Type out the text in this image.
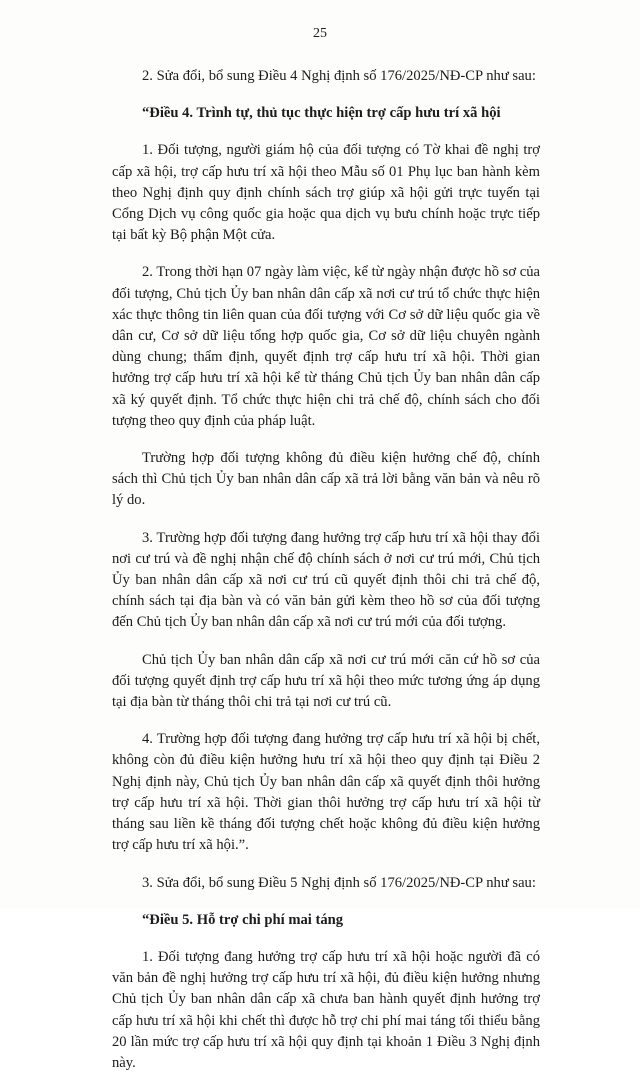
25

2. Sửa đổi, bổ sung Điều 4 Nghị định số 176/2025/NĐ-CP như sau:

“Điều 4. Trình tự, thủ tục thực hiện trợ cấp hưu trí xã hội

1. Đối tượng, người giám hộ của đối tượng có Tờ khai đề nghị trợ cấp xã hội, trợ cấp hưu trí xã hội theo Mẫu số 01 Phụ lục ban hành kèm theo Nghị định quy định chính sách trợ giúp xã hội gửi trực tuyến tại Cổng Dịch vụ công quốc gia hoặc qua dịch vụ bưu chính hoặc trực tiếp tại bất kỳ Bộ phận Một cửa.

2. Trong thời hạn 07 ngày làm việc, kể từ ngày nhận được hồ sơ của đối tượng, Chủ tịch Ủy ban nhân dân cấp xã nơi cư trú tổ chức thực hiện xác thực thông tin liên quan của đối tượng với Cơ sở dữ liệu quốc gia về dân cư, Cơ sở dữ liệu tổng hợp quốc gia, Cơ sở dữ liệu chuyên ngành dùng chung; thẩm định, quyết định trợ cấp hưu trí xã hội. Thời gian hưởng trợ cấp hưu trí xã hội kể từ tháng Chủ tịch Ủy ban nhân dân cấp xã ký quyết định. Tổ chức thực hiện chi trả chế độ, chính sách cho đối tượng theo quy định của pháp luật.

Trường hợp đối tượng không đủ điều kiện hưởng chế độ, chính sách thì Chủ tịch Ủy ban nhân dân cấp xã trả lời bằng văn bản và nêu rõ lý do.

3. Trường hợp đối tượng đang hưởng trợ cấp hưu trí xã hội thay đổi nơi cư trú và đề nghị nhận chế độ chính sách ở nơi cư trú mới, Chủ tịch Ủy ban nhân dân cấp xã nơi cư trú cũ quyết định thôi chi trả chế độ, chính sách tại địa bàn và có văn bản gửi kèm theo hồ sơ của đối tượng đến Chủ tịch Ủy ban nhân dân cấp xã nơi cư trú mới của đối tượng.

Chủ tịch Ủy ban nhân dân cấp xã nơi cư trú mới căn cứ hồ sơ của đối tượng quyết định trợ cấp hưu trí xã hội theo mức tương ứng áp dụng tại địa bàn từ tháng thôi chi trả tại nơi cư trú cũ.

4. Trường hợp đối tượng đang hưởng trợ cấp hưu trí xã hội bị chết, không còn đủ điều kiện hưởng hưu trí xã hội theo quy định tại Điều 2 Nghị định này, Chủ tịch Ủy ban nhân dân cấp xã quyết định thôi hưởng trợ cấp hưu trí xã hội. Thời gian thôi hưởng trợ cấp hưu trí xã hội từ tháng sau liền kề tháng đối tượng chết hoặc không đủ điều kiện hưởng trợ cấp hưu trí xã hội.”.

3. Sửa đổi, bổ sung Điều 5 Nghị định số 176/2025/NĐ-CP như sau:

“Điều 5. Hỗ trợ chi phí mai táng

1. Đối tượng đang hưởng trợ cấp hưu trí xã hội hoặc người đã có văn bản đề nghị hưởng trợ cấp hưu trí xã hội, đủ điều kiện hưởng nhưng Chủ tịch Ủy ban nhân dân cấp xã chưa ban hành quyết định hưởng trợ cấp hưu trí xã hội khi chết thì được hỗ trợ chi phí mai táng tối thiểu bằng 20 lần mức trợ cấp hưu trí xã hội quy định tại khoản 1 Điều 3 Nghị định này.
